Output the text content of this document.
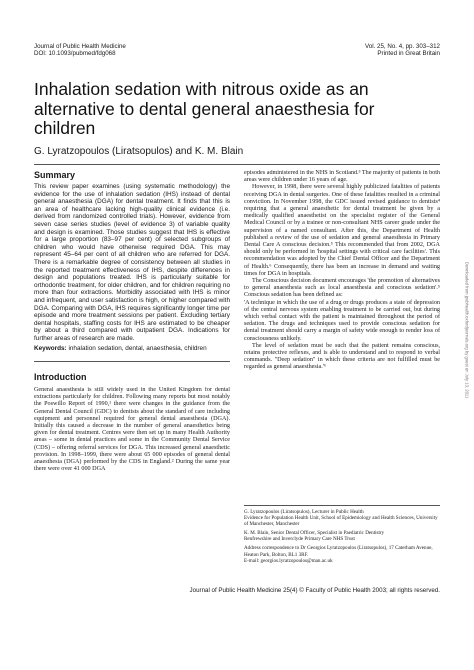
Journal of Public Health Medicine
DOI: 10.1093/pubmed/fdg068
Vol. 25, No. 4, pp. 303–312
Printed in Great Britain
Inhalation sedation with nitrous oxide as an
alternative to dental general anaesthesia for
children
G. Lyratzopoulos (Liratsopulos) and K. M. Blain
Summary

This review paper examines (using systematic methodology) the evidence for the use of inhalation sedation (IHS) instead of dental general anaesthesia (DGA) for dental treatment. It finds that this is an area of healthcare lacking high-quality clinical evidence (i.e. derived from randomized controlled trials). However, evidence from seven case series studies (level of evidence 3) of variable quality and design is examined. Those studies suggest that IHS is effective for a large proportion (83–97 per cent) of selected subgroups of children who would have otherwise required DGA. This may represent 45–64 per cent of all children who are referred for DGA. There is a remarkable degree of consistency between all studies in the reported treatment effectiveness of IHS, despite differences in design and populations treated. IHS is particularly suitable for orthodontic treatment, for older children, and for children requiring no more than four extractions. Morbidity associated with IHS is minor and infrequent, and user satisfaction is high, or higher compared with DGA. Comparing with DGA, IHS requires significantly longer time per episode and more treatment sessions per patient. Excluding tertiary dental hospitals, staffing costs for IHS are estimated to be cheaper by about a third compared with outpatient DGA. Indications for further areas of research are made.

Keywords: inhalation sedation, dental, anaesthesia, children
Introduction

General anaesthesia is still widely used in the United Kingdom for dental extractions particularly for children. Following many reports but most notably the Poswillo Report of 1990,¹ there were changes in the guidance from the General Dental Council (GDC) to dentists about the standard of care including equipment and personnel required for general dental anaesthesia (DGA). Initially this caused a decrease in the number of general anaesthetics being given for dental treatment. Centres were then set up in many Health Authority areas – some in dental practices and some in the Community Dental Service (CDS) – offering referral services for DGA. This increased general anaesthetic provision. In 1998–1999, there were about 65 000 episodes of general dental anaesthesia (DGA) performed by the CDS in England.² During the same year there were over 41 000 DGA

episodes administered in the NHS in Scotland.³ The majority of patients in both areas were children under 16 years of age.

However, in 1998, there were several highly publicized fatalities of patients receiving DGA in dental surgeries. One of these fatalities resulted in a criminal conviction. In November 1998, the GDC issued revised guidance to dentists⁴ requiring that a general anaesthetic for dental treatment be given by a medically qualified anaesthetist on the specialist register of the General Medical Council or by a trainee or non-consultant NHS career grade under the supervision of a named consultant. After this, the Department of Health published a review of the use of sedation and general anaesthesia in Primary Dental Care A conscious decision.⁵ This recommended that from 2002, DGA should only be performed in 'hospital settings with critical care facilities'. This recommendation was adopted by the Chief Dental Officer and the Department of Health.⁶ Consequently, there has been an increase in demand and waiting times for DGA in hospitals.

The Conscious decision document encourages 'the promotion of alternatives to general anaesthesia such as local anaesthesia and conscious sedation'.⁵ Conscious sedation has been defined as:

'A technique in which the use of a drug or drugs produces a state of depression of the central nervous system enabling treatment to be carried out, but during which verbal contact with the patient is maintained throughout the period of sedation. The drugs and techniques used to provide conscious sedation for dental treatment should carry a margin of safety wide enough to render loss of consciousness unlikely.

The level of sedation must be such that the patient remains conscious, retains protective reflexes, and is able to understand and to respond to verbal commands. "Deep sedation" in which these criteria are not fulfilled must be regarded as general anaesthesia.'⁶

G. Lyratzopoulos (Liratsopulos), Lecturer in Public Health

Evidence for Population Health Unit, School of Epidemiology and Health Sciences, University of Manchester, Manchester

K. M. Blain, Senior Dental Officer, Specialist in Paediatric Dentistry

Renfrewshire and Inverclyde Primary Care NHS Trust

Address correspondence to Dr Georgios Lyratzopoulos (Liratsopulos), 17 Caterham Avenue, Heaton Park, Bolton, BL1 3RF.

E-mail: georgios.lyratzopoulos@man.ac.uk

Journal of Public Health Medicine 25(4) © Faculty of Public Health 2003; all rights reserved.
Downloaded from jpubhealth.oxfordjournals.org by guest on July 13, 2011
